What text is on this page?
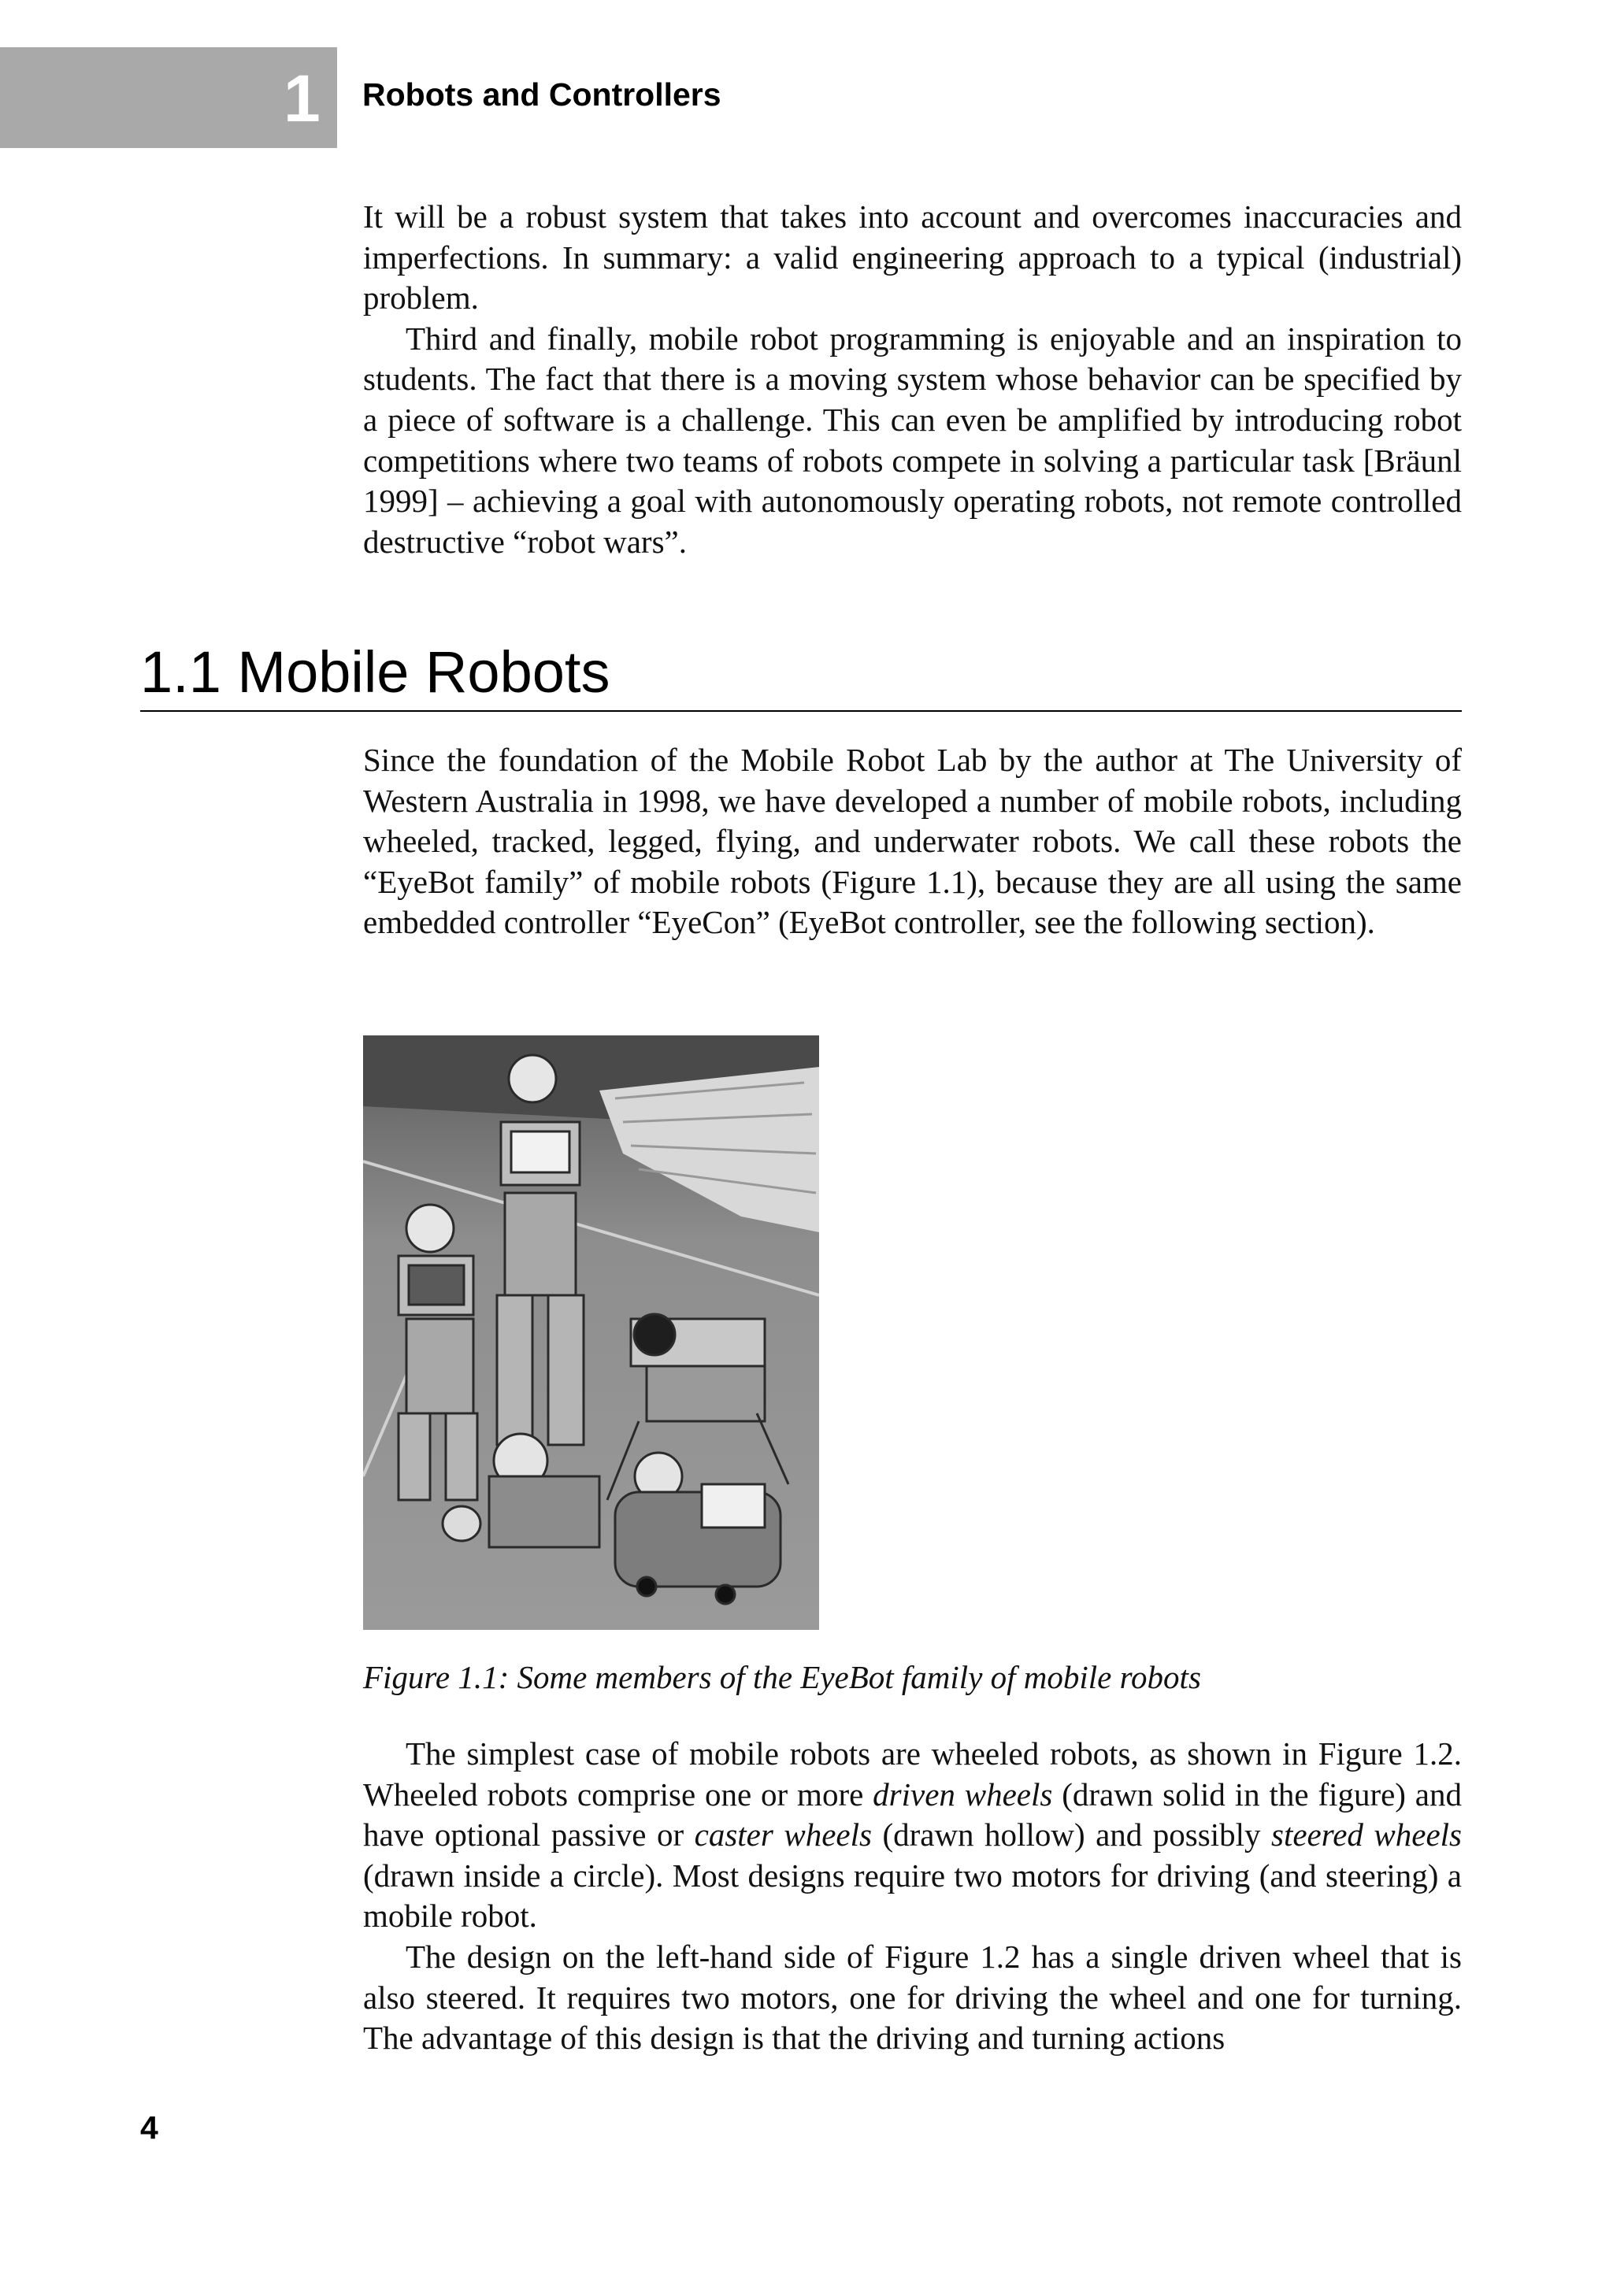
1 Robots and Controllers

It will be a robust system that takes into account and overcomes inaccuracies and imperfections. In summary: a valid engineering approach to a typical (industrial) problem.

Third and finally, mobile robot programming is enjoyable and an inspiration to students. The fact that there is a moving system whose behavior can be specified by a piece of software is a challenge. This can even be amplified by introducing robot competitions where two teams of robots compete in solving a particular task [Bräunl 1999] – achieving a goal with autonomously operating robots, not remote controlled destructive “robot wars”.

1.1 Mobile Robots

Since the foundation of the Mobile Robot Lab by the author at The University of Western Australia in 1998, we have developed a number of mobile robots, including wheeled, tracked, legged, flying, and underwater robots. We call these robots the “EyeBot family” of mobile robots (Figure 1.1), because they are all using the same embedded controller “EyeCon” (EyeBot controller, see the following section).

Figure 1.1: Some members of the EyeBot family of mobile robots

The simplest case of mobile robots are wheeled robots, as shown in Figure 1.2. Wheeled robots comprise one or more driven wheels (drawn solid in the figure) and have optional passive or caster wheels (drawn hollow) and possibly steered wheels (drawn inside a circle). Most designs require two motors for driving (and steering) a mobile robot.

The design on the left-hand side of Figure 1.2 has a single driven wheel that is also steered. It requires two motors, one for driving the wheel and one for turning. The advantage of this design is that the driving and turning actions

4
